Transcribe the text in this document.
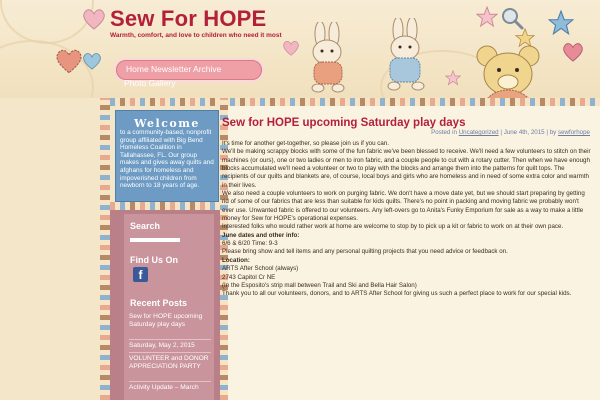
Sew For HOPE
Warmth, comfort, and love to children who need it most
Home Newsletter Archive
Photo Gallery
Welcome
to a community-based, nonprofit group affiliated with Big Bend Homeless Coalition in Tallahassee, FL. Our group makes and gives away quilts and afghans for homeless and impoverished children from newborn to 18 years of age.
Search
Find Us On
f
Recent Posts
Sew for HOPE upcoming Saturday play days
Saturday, May 2, 2015
VOLUNTEER and DONOR APPRECIATION PARTY
Activity Update – March
Sew for HOPE upcoming Saturday play days
Posted in Uncategorized | June 4th, 2015 | by sewforhope

It's time for another get-together, so please join us if you can.

We'll be making scrappy blocks with some of the fun fabric we've been blessed to receive. We'll need a few volunteers to stitch on their machines (or ours), one or two ladies or men to iron fabric, and a couple people to cut with a rotary cutter. Then when we have enough blocks accumulated we'll need a volunteer or two to play with the blocks and arrange them into the patterns for quilt tops. The recipients of our quilts and blankets are, of course, local boys and girls who are homeless and in need of some extra color and warmth in their lives.

We also need a couple volunteers to work on purging fabric. We don't have a move date yet, but we should start preparing by getting rid of some of our fabrics that are less than suitable for kids quilts. There's no point in packing and moving fabric we probably won't ever use. Unwanted fabric is offered to our volunteers. Any left-overs go to Anita's Funky Emporium for sale as a way to make a little money for Sew for HOPE's operational expenses.

Interested folks who would rather work at home are welcome to stop by to pick up a kit or fabric to work on at their own pace.

June dates and other info:

6/6 & 6/20 Time: 9-3

Please bring show and tell items and any personal quilting projects that you need advice or feedback on.

Location:

ARTS After School (always)

2743 Capitol Cr NE

(In the Esposito's strip mall between Trail and Ski and Bella Hair Salon)

Thank you to all our volunteers, donors, and to ARTS After School for giving us such a perfect place to work for our special kids.
